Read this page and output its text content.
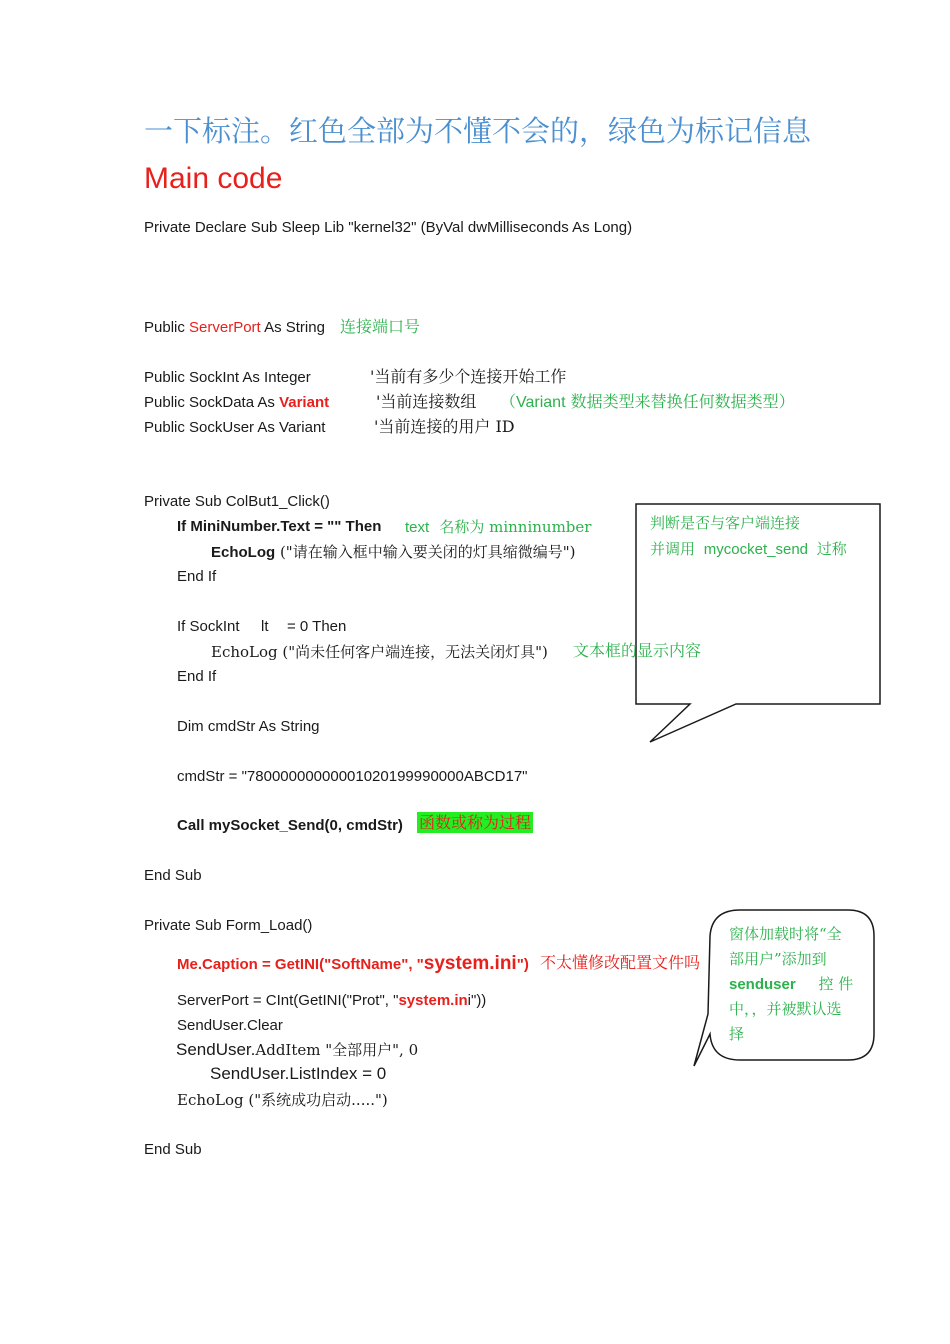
一下标注。红色全部为不懂不会的，绿色为标记信息
Main code
Private Declare Sub Sleep Lib "kernel32" (ByVal dwMilliseconds As Long)
Public ServerPort As String 连接端口号
Public SockInt As Integer	'当前有多少个连接开始工作
Public SockData As Variant	'当前连接数组 （Variant 数据类型来替换任何数据类型）
Public SockUser As Variant	'当前连接的用户 ID
Private Sub ColBut1_Click()
If MiniNumber.Text = "" Then text 名称为 minninumber
EchoLog ("请在输入框中输入要关闭的灯具缩微编号")
End If
If SockInt lt = 0 Then
EchoLog ("尚未任何客户端连接，无法关闭灯具") 文本框的显示内容
End If
Dim cmdStr As String
cmdStr = "78000000000001020199990000ABCD17"
Call mySocket_Send(0, cmdStr) 函数或称为过程
End Sub
Private Sub Form_Load()
Me.Caption = GetINI("SoftName", "system.ini") 不太懂修改配置文件吗
ServerPort = CInt(GetINI("Prot", "system.ini"))
SendUser.Clear
SendUser.AddItem "全部用户", 0
SendUser.ListIndex = 0
EchoLog ("系统成功启动.....")
End Sub
判断是否与客户端连接
并调用 mycocket_send 过称
窗体加载时将“全
部用户”添加到
senduser 控 件
中，，并被默认选
择
